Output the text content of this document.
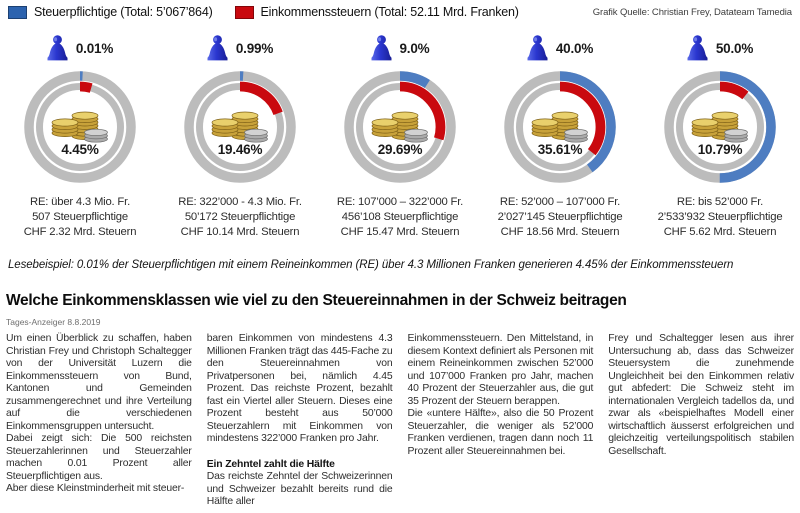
Steuerpflichtige (Total: 5’067’864)	Einkommenssteuern (Total: 52.11 Mrd. Franken)	Grafik Quelle: Christian Frey, Datateam Tamedia
0.01%
4.45%
RE: über 4.3 Mio. Fr.
507 Steuerpflichtige
CHF 2.32 Mrd. Steuern
0.99%
19.46%
RE: 322’000 - 4.3 Mio. Fr.
50’172 Steuerpflichtige
CHF 10.14 Mrd. Steuern
9.0%
29.69%
RE: 107’000 – 322’000 Fr.
456’108 Steuerpflichtige
CHF 15.47 Mrd. Steuern
40.0%
35.61%
RE: 52’000 – 107’000 Fr.
2’027’145 Steuerpflichtige
CHF 18.56 Mrd. Steuern
50.0%
10.79%
RE: bis 52’000 Fr.
2’533’932 Steuerpflichtige
CHF 5.62 Mrd. Steuern
Lesebeispiel: 0.01% der Steuerpflichtigen mit einem Reineinkommen (RE) über 4.3 Millionen Franken generieren 4.45% der Einkommenssteuern
Welche Einkommensklassen wie viel zu den Steuereinnahmen in der Schweiz beitragen
Tages-Anzeiger 8.8.2019

Um einen Überblick zu schaffen, haben Christian Frey und Christoph Schaltegger von der Universität Luzern die Einkommenssteuern von Bund, Kantonen und Gemeinden zusammengerechnet und ihre Verteilung auf die verschiedenen Einkommensgruppen untersucht.

Dabei zeigt sich: Die 500 reichsten Steuerzahlerinnen und Steuerzahler machen 0.01 Prozent aller Steuerpflichtigen aus.

Aber diese Kleinstminderheit mit steuer-

baren Einkommen von mindestens 4.3 Millionen Franken trägt das 445-Fache zu den Steuereinnahmen von Privatpersonen bei, nämlich 4.45 Prozent. Das reichste Prozent, bezahlt fast ein Viertel aller Steuern. Dieses eine Prozent besteht aus 50’000 Steuerzahlern mit Einkommen von mindestens 322’000 Franken pro Jahr.

Ein Zehntel zahlt die Hälfte

Das reichste Zehntel der Schweizerinnen und Schweizer bezahlt bereits rund die Hälfte aller

Einkommenssteuern. Den Mittelstand, in diesem Kontext definiert als Personen mit einem Reineinkommen zwischen 52’000 und 107’000 Franken pro Jahr, machen 40 Prozent der Steuerzahler aus, die gut 35 Prozent der Steuern berappen.

Die «untere Hälfte», also die 50 Prozent Steuerzahler, die weniger als 52’000 Franken verdienen, tragen dann noch 11 Prozent aller Steuereinnahmen bei.

Frey und Schaltegger lesen aus ihrer Untersuchung ab, dass das Schweizer Steuersystem die zunehmende Ungleichheit bei den Einkommen relativ gut abfedert: Die Schweiz steht im internationalen Vergleich tadellos da, und zwar als «beispielhaftes Modell einer wirtschaftlich äusserst erfolgreichen und gleichzeitig verteilungspolitisch stabilen Gesellschaft.
